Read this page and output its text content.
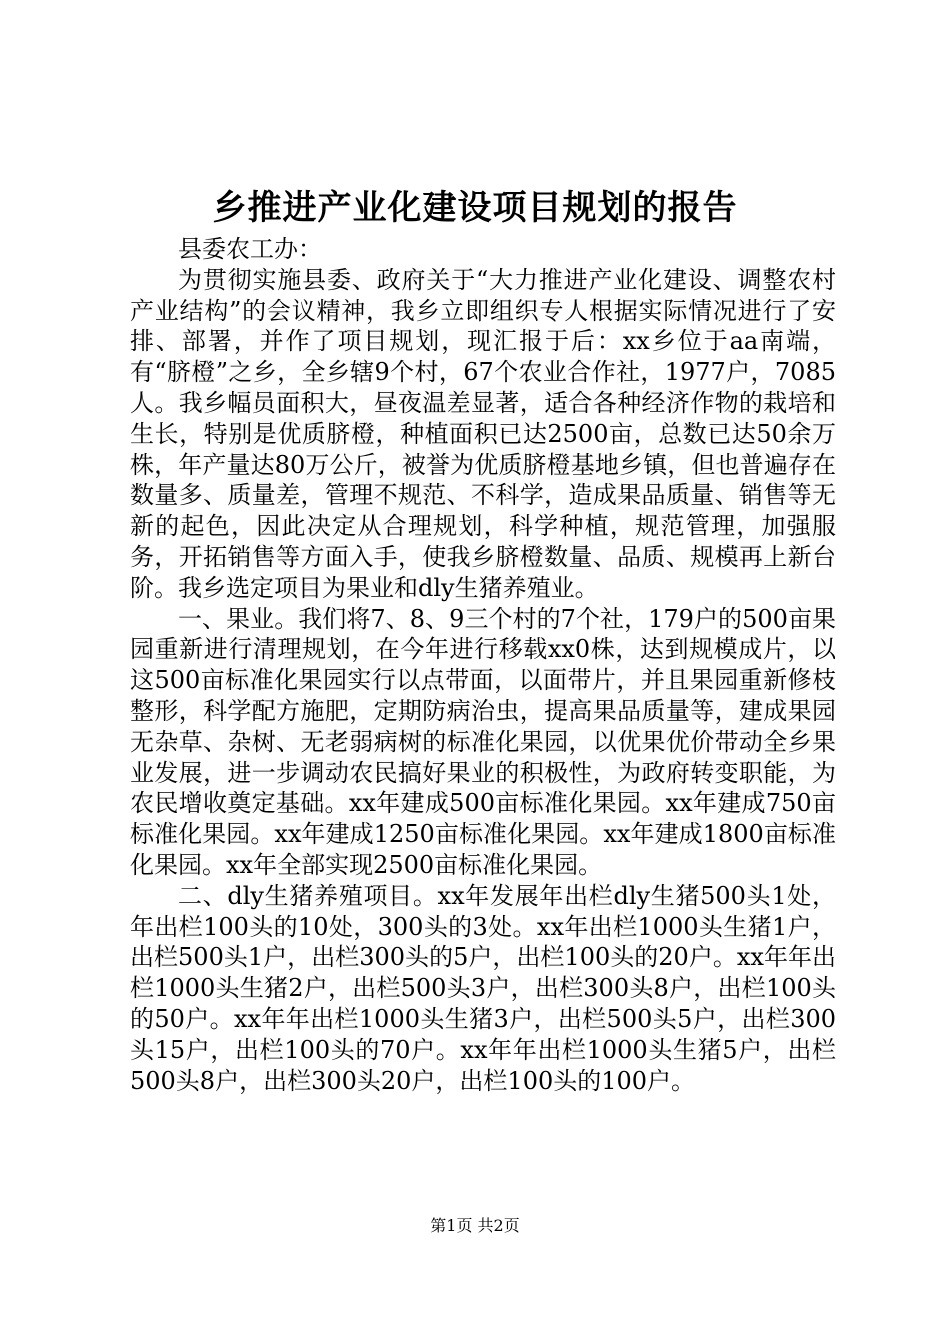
乡推进产业化建设项目规划的报告

县委农工办：

为贯彻实施县委、政府关于“大力推进产业化建设、调整农村产业结构”的会议精神，我乡立即组织专人根据实际情况进行了安排、部署，并作了项目规划，现汇报于后：xx乡位于aa南端，有“脐橙”之乡，全乡辖9个村，67个农业合作社，1977户，7085人。我乡幅员面积大，昼夜温差显著，适合各种经济作物的栽培和生长，特别是优质脐橙，种植面积已达2500亩，总数已达50余万株，年产量达80万公斤，被誉为优质脐橙基地乡镇，但也普遍存在数量多、质量差，管理不规范、不科学，造成果品质量、销售等无新的起色，因此决定从合理规划，科学种植，规范管理，加强服务，开拓销售等方面入手，使我乡脐橙数量、品质、规模再上新台阶。我乡选定项目为果业和dly生猪养殖业。

一、果业。我们将7、8、9三个村的7个社，179户的500亩果园重新进行清理规划，在今年进行移载xx0株，达到规模成片，以这500亩标准化果园实行以点带面，以面带片，并且果园重新修枝整形，科学配方施肥，定期防病治虫，提高果品质量等，建成果园无杂草、杂树、无老弱病树的标准化果园，以优果优价带动全乡果业发展，进一步调动农民搞好果业的积极性，为政府转变职能，为农民增收奠定基础。xx年建成500亩标准化果园。xx年建成750亩标准化果园。xx年建成1250亩标准化果园。xx年建成1800亩标准化果园。xx年全部实现2500亩标准化果园。

二、dly生猪养殖项目。xx年发展年出栏dly生猪500头1处，年出栏100头的10处，300头的3处。xx年出栏1000头生猪1户，出栏500头1户，出栏300头的5户，出栏100头的20户。xx年年出栏1000头生猪2户，出栏500头3户，出栏300头8户，出栏100头的50户。xx年年出栏1000头生猪3户，出栏500头5户，出栏300头15户，出栏100头的70户。xx年年出栏1000头生猪5户，出栏500头8户，出栏300头20户，出栏100头的100户。

第1页 共2页
